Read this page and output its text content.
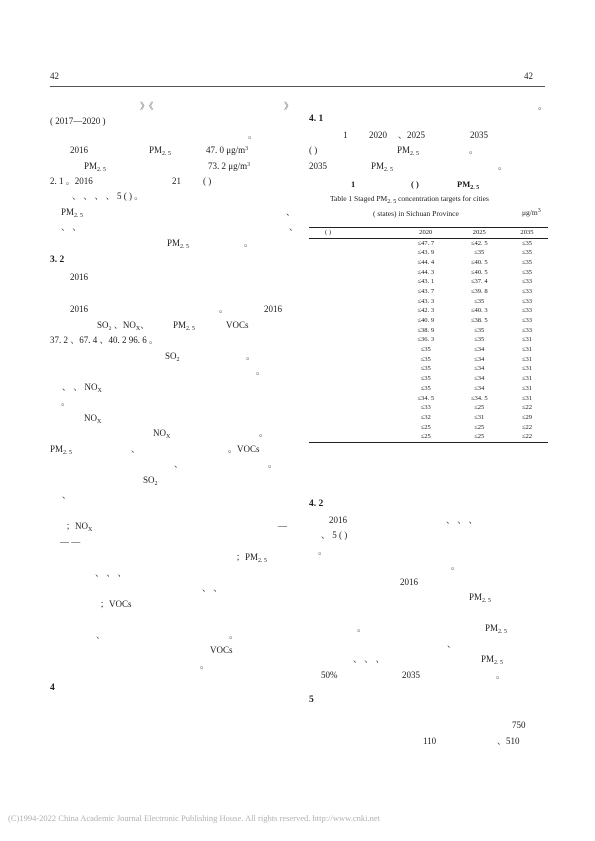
42	42
》《	》
( 2017—2020 )
。
2016	$PM_{2. 5}$	47. 0 $\mu g/m^3$
$PM_{2. 5}$	73. 2 $\mu g/m^3$
2. 1 。2016	21 ( )
、 、 、 、 5 ( ) 。
$PM_{2. 5}$	、
、 、	、
$PM_{2. 5}$	。
3. 2
2016
2016	。	2016
SO₂ 、$NO_X$、	$PM_{2. 5}$	VOCs
37. 2 、67. 4 、40. 2 96. 6 。
$SO_2$	。
。
、 、 $NO_X$
。
$NO_X$
$NO_X$	。
$PM_{2. 5}$	、	。VOCs
、	。
$SO_2$
、
；$NO_X$	—
— —
；$PM_{2. 5}$
、 、 、
、 、
；VOCs
、	。
VOCs
。
4
。
4. 1
1 2020 、2025	2035
( )	$PM_{2. 5}$	。
2035	$PM_{2. 5}$	。
1	( )	$PM_{2. 5}$
Table 1 Staged $PM_{2. 5}$ concentration targets for cities
( states) in Sichuan Province	$\mu g/m^3$
( )	2020	2025	2035
	≤47. 7	≤42. 5	≤35
	≤43. 9	≤35	≤35
	≤44. 4	≤40. 5	≤35
	≤44. 3	≤40. 5	≤35
	≤43. 1	≤37. 4	≤33
	≤43. 7	≤39. 8	≤33
	≤43. 3	≤35	≤33
	≤42. 3	≤40. 3	≤33
	≤40. 9	≤38. 5	≤33
	≤38. 9	≤35	≤33
	≤36. 3	≤35	≤31
	≤35	≤34	≤31
	≤35	≤34	≤31
	≤35	≤34	≤31
	≤35	≤34	≤31
	≤35	≤34	≤31
	≤34. 5	≤34. 5	≤31
	≤33	≤25	≤22
	≤32	≤31	≤29
	≤25	≤25	≤22
	≤25	≤25	≤22
4. 2
2016	、 、 、
、 5 ( )
。
。
2016
$PM_{2. 5}$
。	$PM_{2. 5}$
、
、 、 、	$PM_{2. 5}$
50%	2035	。
5
750
110	、510
(C)1994-2022 China Academic Journal Electronic Publishing House. All rights reserved. http://www.cnki.net
